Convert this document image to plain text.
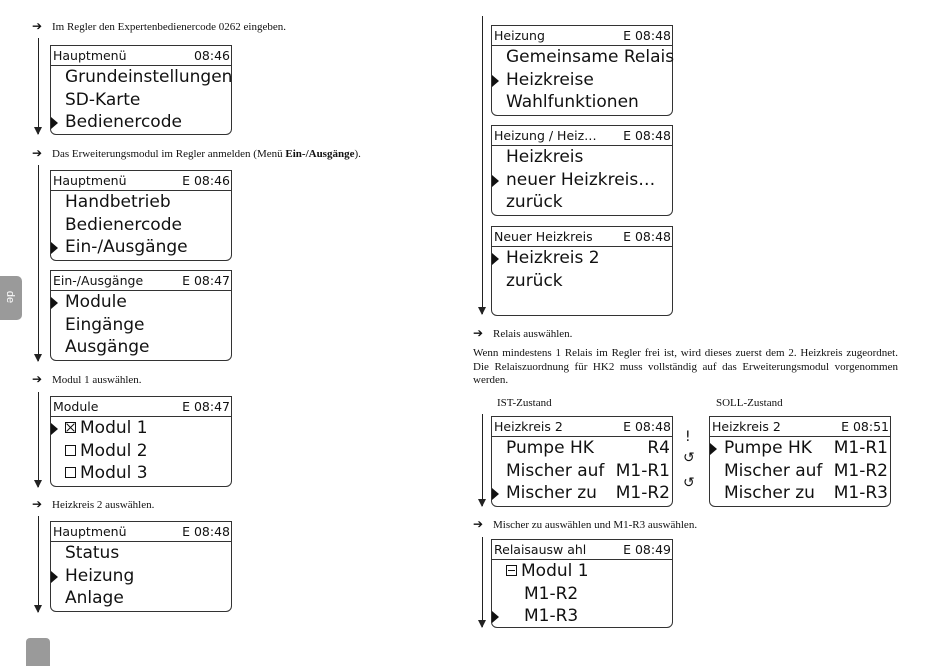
de
➔ Im Regler den Expertenbedienercode 0262 eingeben.
Hauptmenü	08:46
Grundeinstellungen
SD-Karte
Bedienercode
➔ Das Erweiterungsmodul im Regler anmelden (Menü Ein-/Ausgänge).
Hauptmenü	E 08:46
Handbetrieb
Bedienercode
Ein-/Ausgänge
Ein-/Ausgänge	E 08:47
Module
Eingänge
Ausgänge
➔ Modul 1 auswählen.
Module	E 08:47
Modul 1
Modul 2
Modul 3
➔ Heizkreis 2 auswählen.
Hauptmenü	E 08:48
Status
Heizung
Anlage
Heizung	E 08:48
Gemeinsame Relais
Heizkreise
Wahlfunktionen
Heizung / Heiz… E 08:48
Heizkreis
neuer Heizkreis…
zurück
Neuer Heizkreis E 08:48
Heizkreis 2
zurück
➔ Relais auswählen.
Wenn mindestens 1 Relais im Regler frei ist, wird dieses zuerst dem 2. Heizkreis zugeordnet. Die Relaiszuordnung für HK2 muss vollständig auf das Erweiterungsmodul vorgenommen werden.
IST-Zustand	SOLL-Zustand
Heizkreis 2	E 08:48
Pumpe HK	R4
Mischer auf M1-R1
Mischer zu M1-R2
!
↺
↺
Heizkreis 2	E 08:51
Pumpe HK M1-R1
Mischer auf M1-R2
Mischer zu M1-R3
➔ Mischer zu auswählen und M1-R3 auswählen.
Relaisausw ahl	E 08:49
Modul 1
M1-R2
M1-R3
